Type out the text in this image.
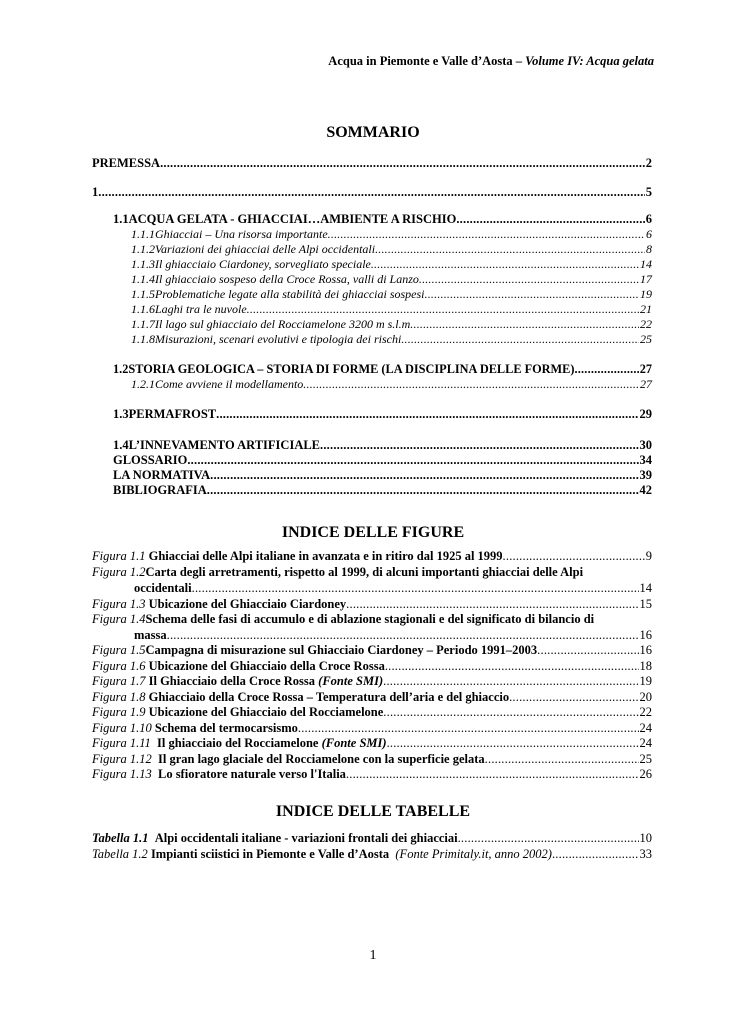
Acqua in Piemonte e Valle d’Aosta – Volume IV: Acqua gelata
SOMMARIO
PREMESSA .....	2
1 .....	5
1.1 ACQUA GELATA - GHIACCIAI…AMBIENTE A RISCHIO .....	6
1.1.1 Ghiacciai – Una risorsa importante .....	6
1.1.2 Variazioni dei ghiacciai delle Alpi occidentali .....	8
1.1.3 Il ghiacciaio Ciardoney, sorvegliato speciale .....	14
1.1.4 Il ghiacciaio sospeso della Croce Rossa, valli di Lanzo .....	17
1.1.5 Problematiche legate alla stabilità dei ghiacciai sospesi .....	19
1.1.6 Laghi tra le nuvole .....	21
1.1.7 Il lago sul ghiacciaio del Rocciamelone 3200 m s.l.m .....	22
1.1.8 Misurazioni, scenari evolutivi e tipologia dei rischi .....	25
1.2 STORIA GEOLOGICA – STORIA DI FORME (LA DISCIPLINA DELLE FORME) .....	27
1.2.1 Come avviene il modellamento .....	27
1.3 PERMAFROST .....	29
1.4 L’INNEVAMENTO ARTIFICIALE .....	30
GLOSSARIO .....	34
LA NORMATIVA .....	39
BIBLIOGRAFIA .....	42
INDICE DELLE FIGURE
Figura 1.1 Ghiacciai delle Alpi italiane in avanzata e in ritiro dal 1925 al 1999 .....	9
Figura 1.2Carta degli arretramenti, rispetto al 1999, di alcuni importanti ghiacciai delle Alpi
occidentali .....	14
Figura 1.3 Ubicazione del Ghiacciaio Ciardoney .....	15
Figura 1.4Schema delle fasi di accumulo e di ablazione stagionali e del significato di bilancio di
massa .....	16
Figura 1.5Campagna di misurazione sul Ghiacciaio Ciardoney – Periodo 1991–2003 .....	16
Figura 1.6 Ubicazione del Ghiacciaio della Croce Rossa .....	18
Figura 1.7 Il Ghiacciaio della Croce Rossa (Fonte SMI) .....	19
Figura 1.8 Ghiacciaio della Croce Rossa – Temperatura dell’aria e del ghiaccio .....	20
Figura 1.9 Ubicazione del Ghiacciaio del Rocciamelone .....	22
Figura 1.10 Schema del termocarsismo .....	24
Figura 1.11 Il ghiacciaio del Rocciamelone (Fonte SMI) .....	24
Figura 1.12 Il gran lago glaciale del Rocciamelone con la superficie gelata .....	25
Figura 1.13 Lo sfioratore naturale verso l'Italia .....	26
INDICE DELLE TABELLE
Tabella 1.1 Alpi occidentali italiane - variazioni frontali dei ghiacciai .....	10
Tabella 1.2 Impianti sciistici in Piemonte e Valle d’Aosta (Fonte Primitaly.it, anno 2002) .....	33
1
